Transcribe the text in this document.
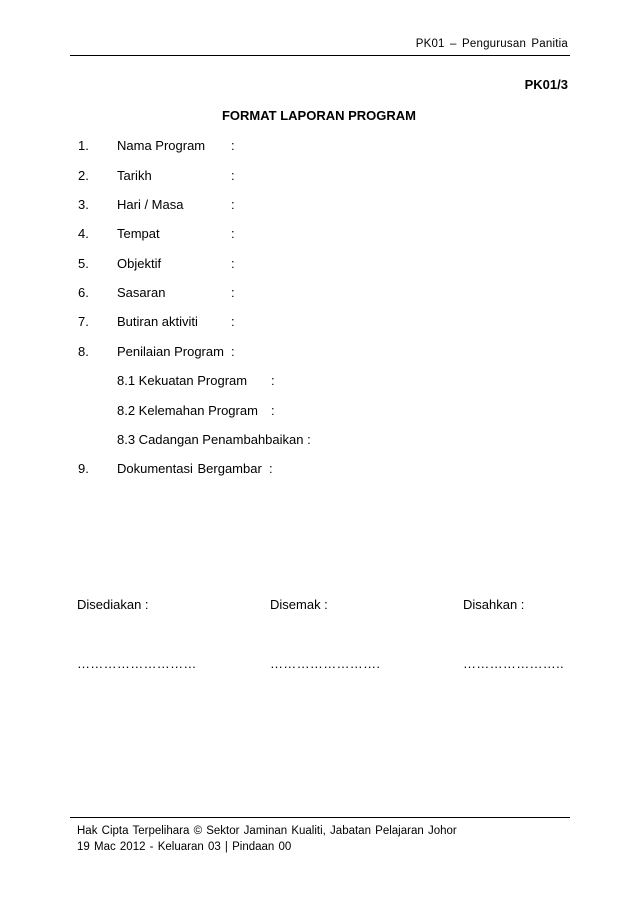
PK01 – Pengurusan Panitia
PK01/3
FORMAT LAPORAN PROGRAM
1. Nama Program :
2. Tarikh	:
3. Hari / Masa	:
4. Tempat	:
5. Objektif	:
6. Sasaran	:
7. Butiran aktiviti	:
8. Penilaian Program :
8.1 Kekuatan Program :
8.2 Kelemahan Program :
8.3 Cadangan Penambahbaikan :
9. Dokumentasi Bergambar :
Disediakan :	Disemak :	Disahkan :
………………………	…………………….	…………………..
Hak Cipta Terpelihara © Sektor Jaminan Kualiti, Jabatan Pelajaran Johor
19 Mac 2012 - Keluaran 03 | Pindaan 00
